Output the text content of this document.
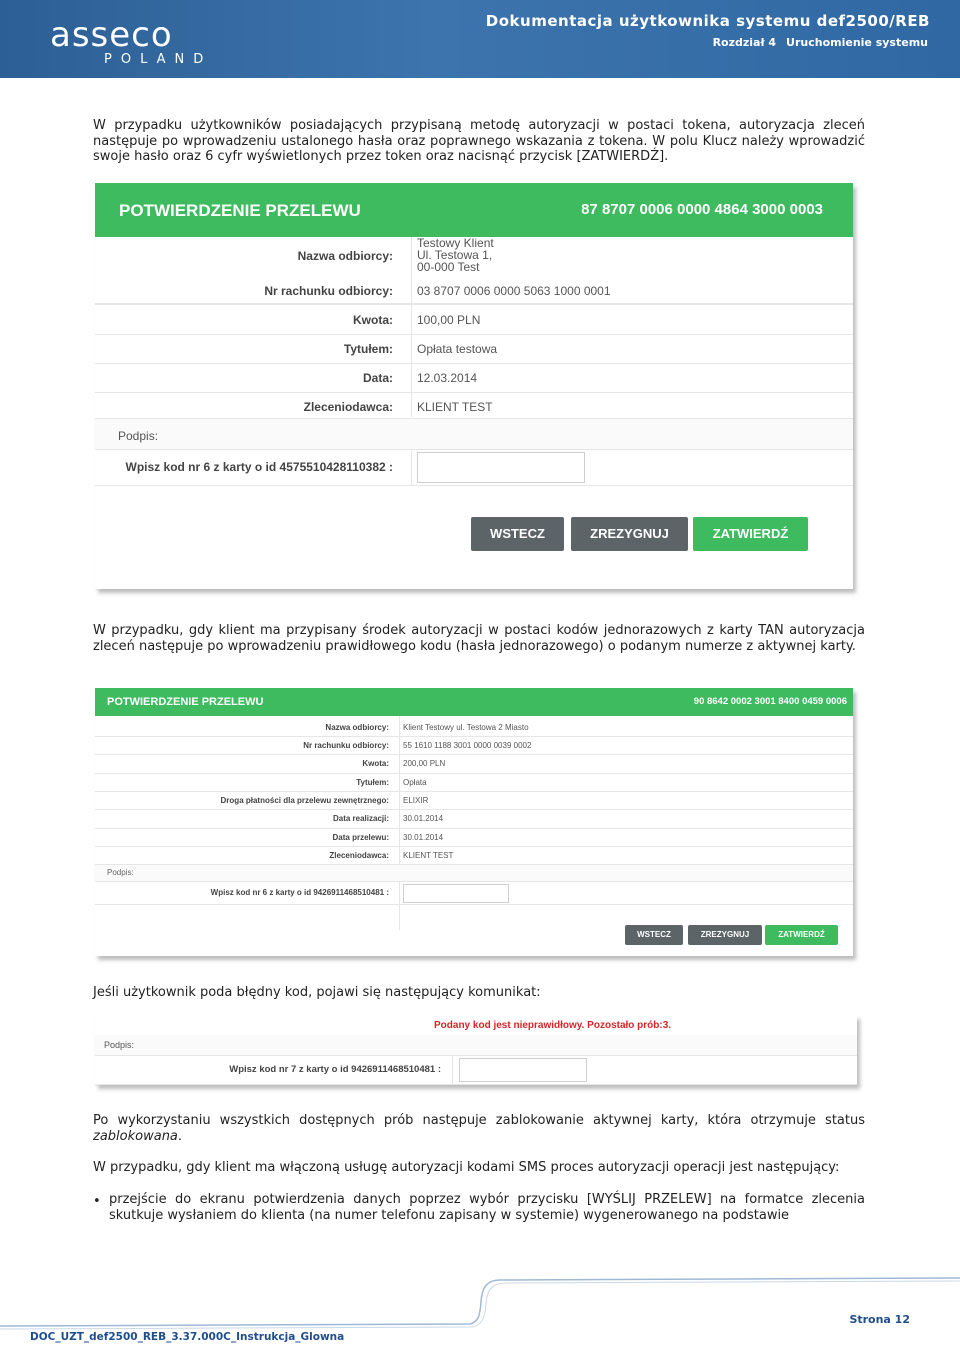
asseco
POLAND
Dokumentacja użytkownika systemu def2500/REB
Rozdział 4 Uruchomienie systemu
W przypadku użytkowników posiadających przypisaną metodę autoryzacji w postaci tokena, autoryzacja zleceń następuje po wprowadzeniu ustalonego hasła oraz poprawnego wskazania z tokena. W polu Klucz należy wprowadzić swoje hasło oraz 6 cyfr wyświetlonych przez token oraz nacisnąć przycisk [ZATWIERDŹ].
POTWIERDZENIE PRZELEWU	87 8707 0006 0000 4864 3000 0003
Nazwa odbiorcy:
Testowy Klient
Ul. Testowa 1,
00-000 Test
Nr rachunku odbiorcy: 03 8707 0006 0000 5063 1000 0001
Kwota: 100,00 PLN
Tytułem: Opłata testowa
Data: 12.03.2014
Zleceniodawca: KLIENT TEST
Podpis:
Wpisz kod nr 6 z karty o id 4575510428110382 :
WSTECZ	ZREZYGNUJ	ZATWIERDŹ
W przypadku, gdy klient ma przypisany środek autoryzacji w postaci kodów jednorazowych z karty TAN autoryzacja zleceń następuje po wprowadzeniu prawidłowego kodu (hasła jednorazowego) o podanym numerze z aktywnej karty.
POTWIERDZENIE PRZELEWU	90 8642 0002 3001 8400 0459 0006
Nazwa odbiorcy: Klient Testowy ul. Testowa 2 Miasto
Nr rachunku odbiorcy: 55 1610 1188 3001 0000 0039 0002
Kwota: 200,00 PLN
Tytułem: Opłata
Droga płatności dla przelewu zewnętrznego: ELIXIR
Data realizacji: 30.01.2014
Data przelewu: 30.01.2014
Zleceniodawca: KLIENT TEST
Podpis:
Wpisz kod nr 6 z karty o id 9426911468510481 :
WSTECZ	ZREZYGNUJ	ZATWIERDŹ
Jeśli użytkownik poda błędny kod, pojawi się następujący komunikat:
Podany kod jest nieprawidłowy. Pozostało prób:3.
Podpis:
Wpisz kod nr 7 z karty o id 9426911468510481 :
Po wykorzystaniu wszystkich dostępnych prób następuje zablokowanie aktywnej karty, która otrzymuje status zablokowana.
W przypadku, gdy klient ma włączoną usługę autoryzacji kodami SMS proces autoryzacji operacji jest następujący:
• przejście do ekranu potwierdzenia danych poprzez wybór przycisku [WYŚLIJ PRZELEW] na formatce zlecenia skutkuje wysłaniem do klienta (na numer telefonu zapisany w systemie) wygenerowanego na podstawie
DOC_UZT_def2500_REB_3.37.000C_Instrukcja_Glowna
Strona 12
